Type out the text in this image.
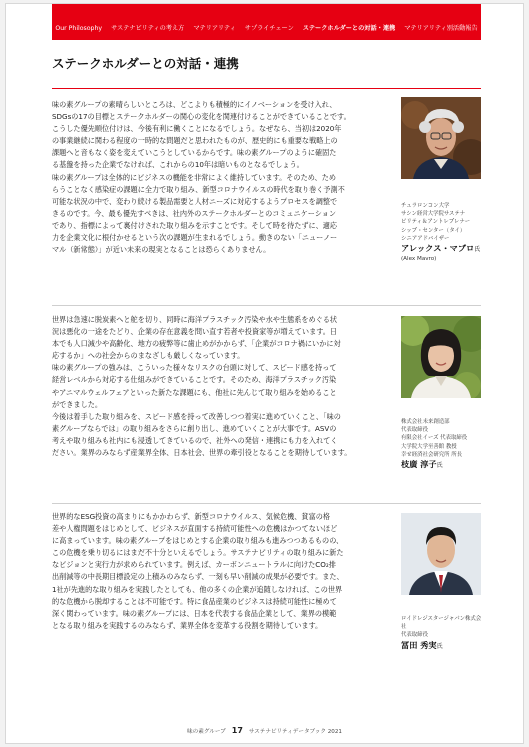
Our Philosophy サステナビリティの考え方 マテリアリティ サプライチェーン ステークホルダーとの対話・連携 マテリアリティ別活動報告
ステークホルダーとの対話・連携

味の素グループの素晴らしいところは、どこよりも積極的にイノベーションを受け入れ、

SDGsの17の目標とステークホルダーの関心の変化を関連付けることができていることです。

こうした優先順位付けは、今後有利に働くことになるでしょう。なぜなら、当初は2020年

の事業継続に関わる程度の一時的な問題だと思われたものが、歴史的にも重要な戦略上の

課題へと音もなく姿を変えていこうとしているからです。味の素グループのように確固た

る基盤を持った企業でなければ、これからの10年は暗いものとなるでしょう。

味の素グループは全体的にビジネスの機能を非常によく維持しています。そのため、ため

らうことなく感染症の課題に全力で取り組み、新型コロナウイルスの時代を取り巻く予測不

可能な状況の中で、変わり続ける製品需要と人材ニーズに対応するようプロセスを調整で

きるのです。今、最も優先すべきは、社内外のステークホルダーとのコミュニケーション

であり、指標によって裏付けされた取り組みを示すことです。そして時を待たずに、適応

力を企業文化に根付かせるという次の課題が生まれるでしょう。動きのない「ニューノー

マル（新常態）」が近い未来の現実となることは恐らくありません。

チュラロンコン大学
サシン経営大学院サステナ
ビリティ＆アントレプレナー
シップ・センター（タイ）
シニアアドバイザー
アレックス・マブロ氏
(Alex Mavro)

世界は急速に脱炭素へと舵を切り、同時に海洋プラスチック汚染や水や生態系をめぐる状

況は悪化の一途をたどり、企業の存在意義を問い直す若者や投資家等が増えています。日

本でも人口減少や高齢化、地方の疲弊等に歯止めがかからず、「企業がコロナ禍にいかに対

応するか」への社会からのまなざしも厳しくなっています。

味の素グループの強みは、こういった様々なリスクの台頭に対して、スピード感を持って

経営レベルから対応する仕組みができていることです。そのため、海洋プラスチック汚染

やアニマルウェルフェアといった新たな課題にも、他社に先んじて取り組みを始めること

ができました。

今後は着手した取り組みを、スピード感を持って改善しつつ着実に進めていくこと、「味の

素グループならでは」の取り組みをさらに創り出し、進めていくことが大事です。ASVの

考えや取り組みも社内にも浸透してきているので、社外への発信・連携にも力を入れてく

ださい。業界のみならず産業界全体、日本社会、世界の牽引役となることを期待しています。

株式会社未来創造部
代表取締役
有限会社イーズ 代表取締役
大学院大学至善館 教授
幸せ経済社会研究所 所長
枝廣 淳子氏

世界的なESG投資の高まりにもかかわらず、新型コロナウイルス、気候危機、貧富の格

差や人権問題をはじめとして、ビジネスが直面する持続可能性への危機はかつてないほど

に高まっています。味の素グループをはじめとする企業の取り組みも進みつつあるものの、

この危機を乗り切るにはまだ不十分といえるでしょう。サステナビリティの取り組みに新た

なビジョンと実行力が求められています。例えば、カーボンニュートラルに向けたCO₂排

出削減等の中長期目標設定の上積みのみならず、一刻も早い削減の成果が必要です。また、

1社が先進的な取り組みを実践したとしても、他の多くの企業が追随しなければ、この世界

的な危機から脱却することは不可能です。特に食品産業のビジネスは持続可能性に極めて

深く関わっています。味の素グループには、日本を代表する食品企業として、業界の模範

となる取り組みを実践するのみならず、業界全体を変革する役割を期待しています。

ロイドレジスタージャパン株式会社
代表取締役
冨田 秀実氏
味の素グループ 17 サステナビリティデータブック 2021
